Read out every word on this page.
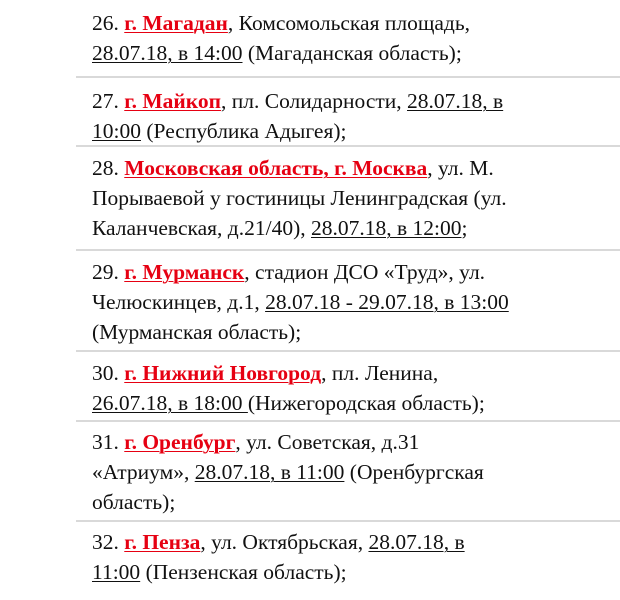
26. г. Магадан, Комсомольская площадь,
28.07.18, в 14:00 (Магаданская область);
27. г. Майкоп, пл. Солидарности, 28.07.18, в
10:00 (Республика Адыгея);
28. Московская область, г. Москва, ул. М.
Порываевой у гостиницы Ленинградская (ул.
Каланчевская, д.21/40), 28.07.18, в 12:00;
29. г. Мурманск, стадион ДСО «Труд», ул.
Челюскинцев, д.1, 28.07.18 - 29.07.18, в 13:00
(Мурманская область);
30. г. Нижний Новгород, пл. Ленина,
26.07.18, в 18:00 (Нижегородская область);
31. г. Оренбург, ул. Советская, д.31
«Атриум», 28.07.18, в 11:00 (Оренбургская
область);
32. г. Пенза, ул. Октябрьская, 28.07.18, в
11:00 (Пензенская область);
